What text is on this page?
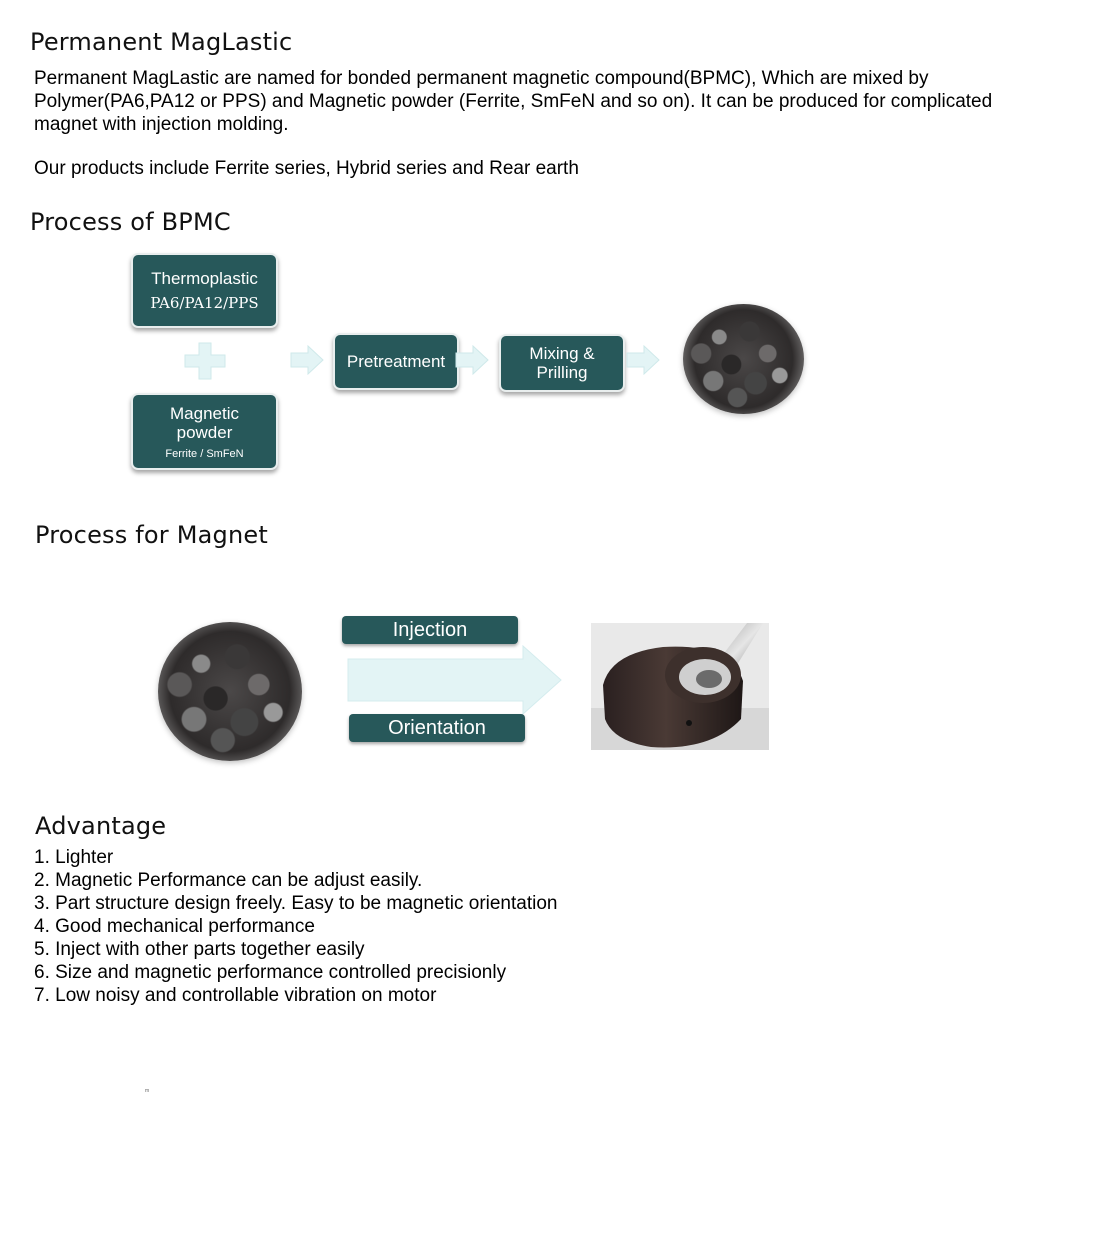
Permanent MagLastic

Permanent MagLastic are named for bonded permanent magnetic compound(BPMC), Which are mixed by Polymer(PA6,PA12 or PPS) and Magnetic powder (Ferrite, SmFeN and so on). It can be produced for complicated magnet with injection molding.

Our products include Ferrite series, Hybrid series and Rear earth

Process of BPMC
Thermoplastic
PA6/PA12/PPS
Magnetic powder
Ferrite / SmFeN
Pretreatment	Mixing & Prilling
Process for Magnet
Injection
Orientation
Advantage
1. Lighter
2. Magnetic Performance can be adjust easily.
3. Part structure design freely. Easy to be magnetic orientation
4. Good mechanical performance
5. Inject with other parts together easily
6. Size and magnetic performance controlled precisionly
7. Low noisy and controllable vibration on motor
m
